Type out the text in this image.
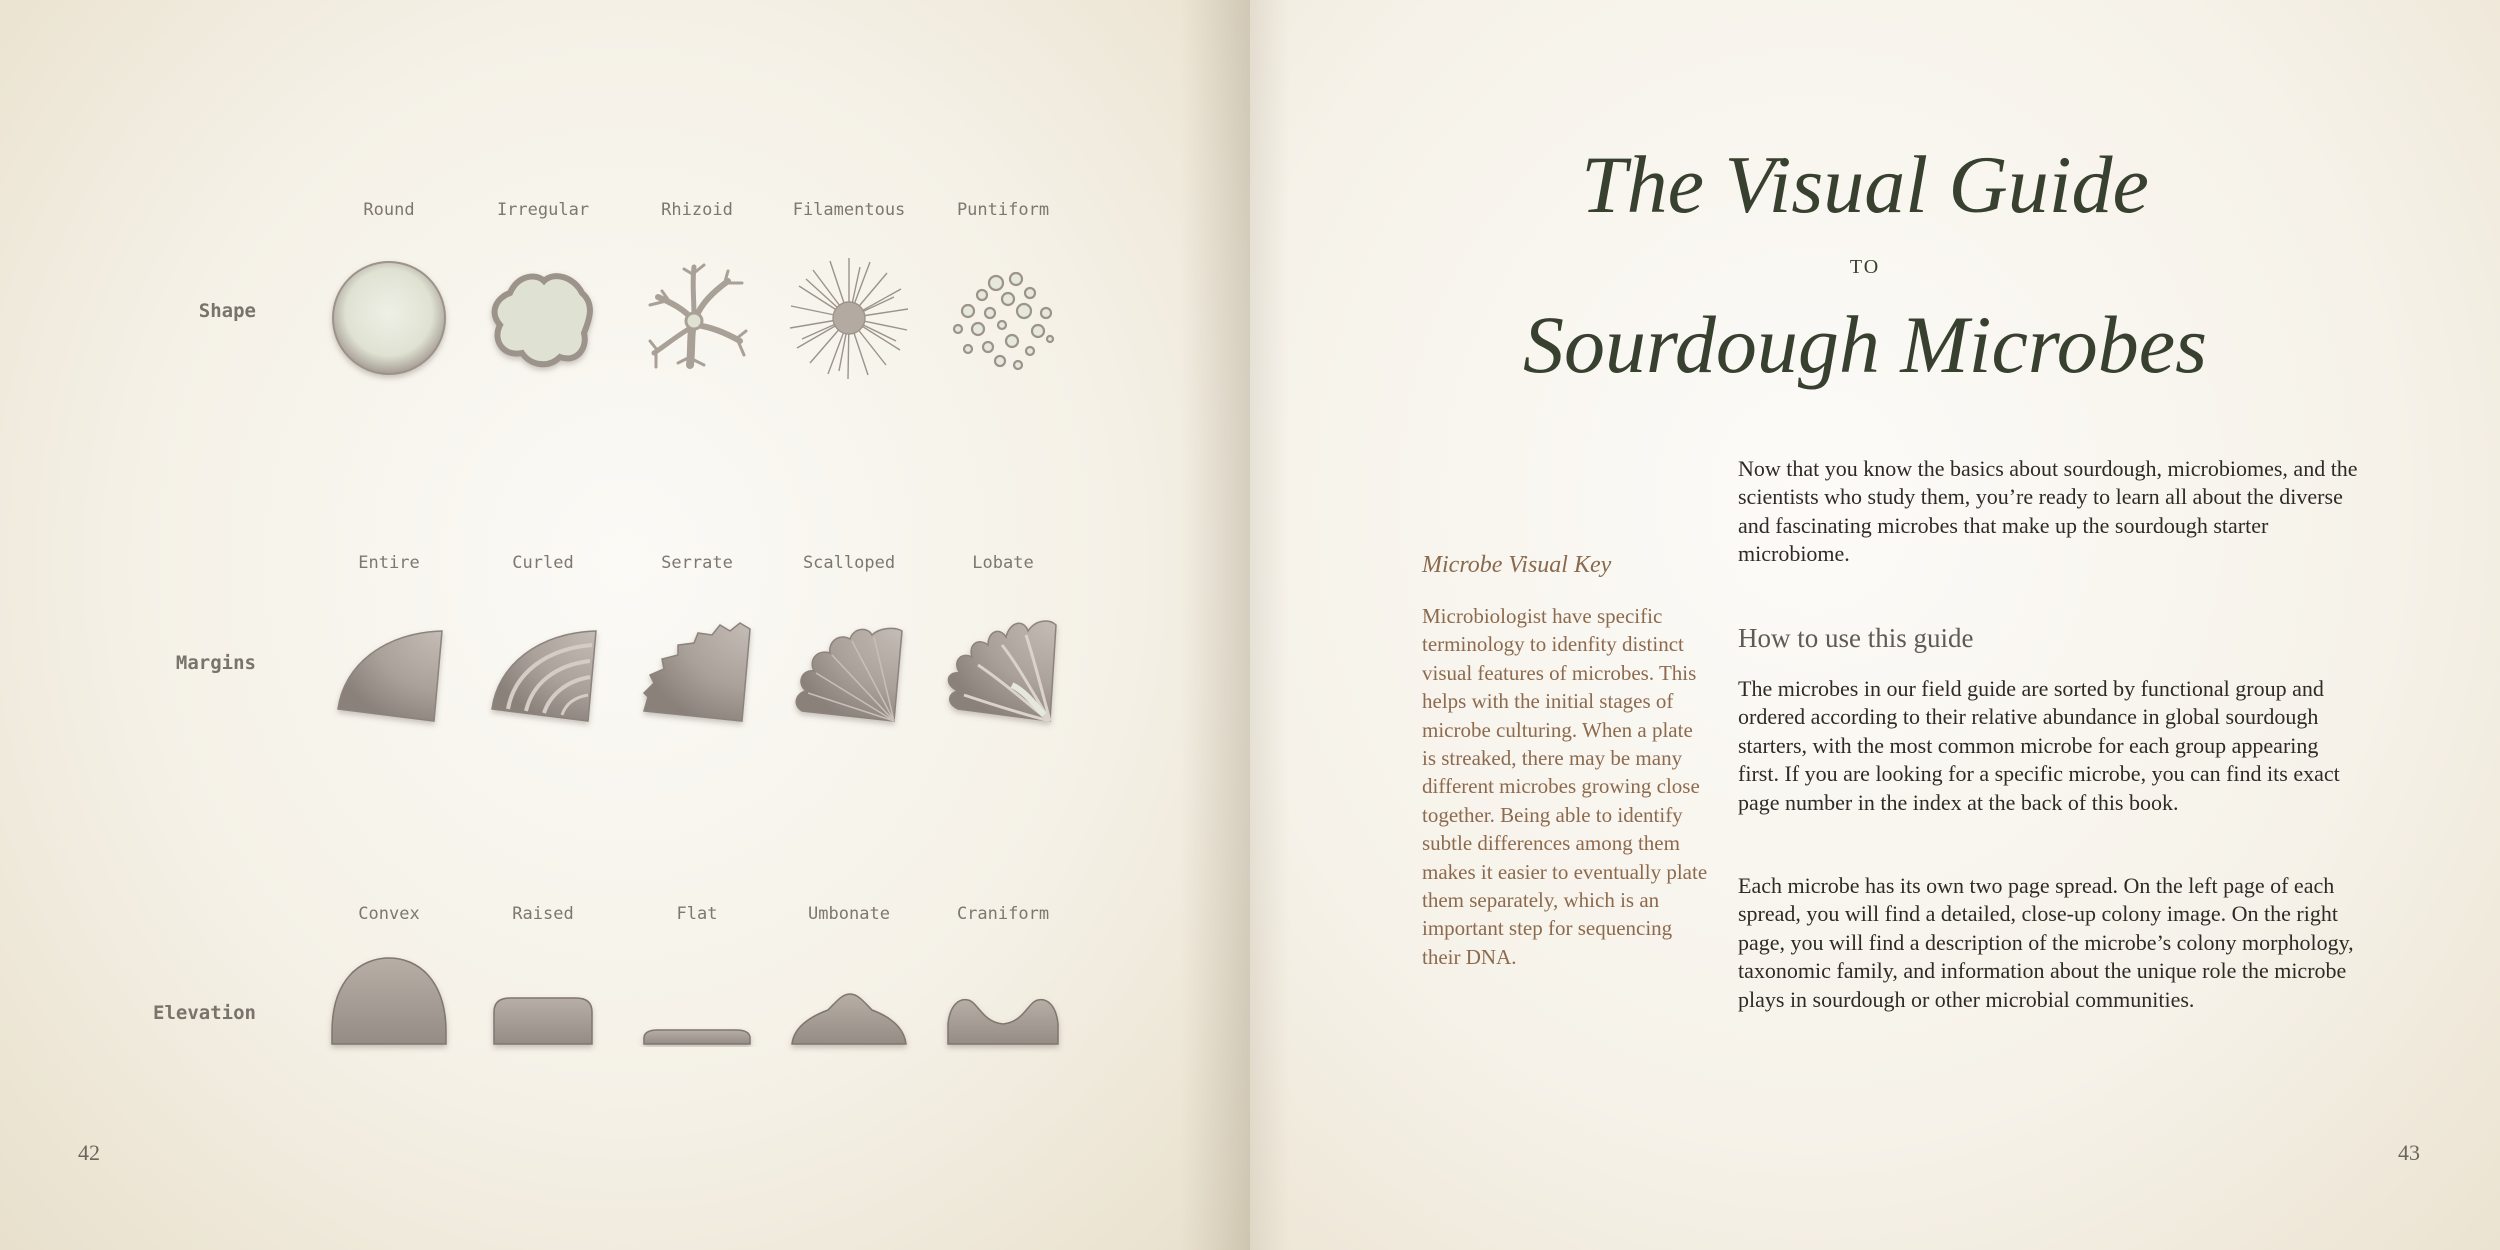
Round	Irregular	Rhizoid	Filamentous	Puntiform
Shape
Entire	Curled	Serrate	Scalloped	Lobate
Margins
Convex	Raised	Flat	Umbonate	Craniform
Elevation
42
The Visual Guide
TO
Sourdough Microbes
Now that you know the basics about sourdough, microbiomes, and the scientists who study them, you’re ready to learn all about the diverse and fascinating microbes that make up the sourdough starter microbiome.
Microbe Visual Key
Microbiologist have specific terminology to idenfity distinct visual features of microbes. This helps with the initial stages of microbe culturing. When a plate is streaked, there may be many different microbes growing close together. Being able to identify subtle differences among them makes it easier to eventually plate them separately, which is an important step for sequencing their DNA.
How to use this guide
The microbes in our field guide are sorted by functional group and ordered according to their relative abundance in global sourdough starters, with the most common microbe for each group appearing first. If you are looking for a specific microbe, you can find its exact page number in the index at the back of this book.
Each microbe has its own two page spread. On the left page of each spread, you will find a detailed, close-up colony image. On the right page, you will find a description of the microbe’s colony morphology, taxonomic family, and information about the unique role the microbe plays in sourdough or other microbial communities.
43
